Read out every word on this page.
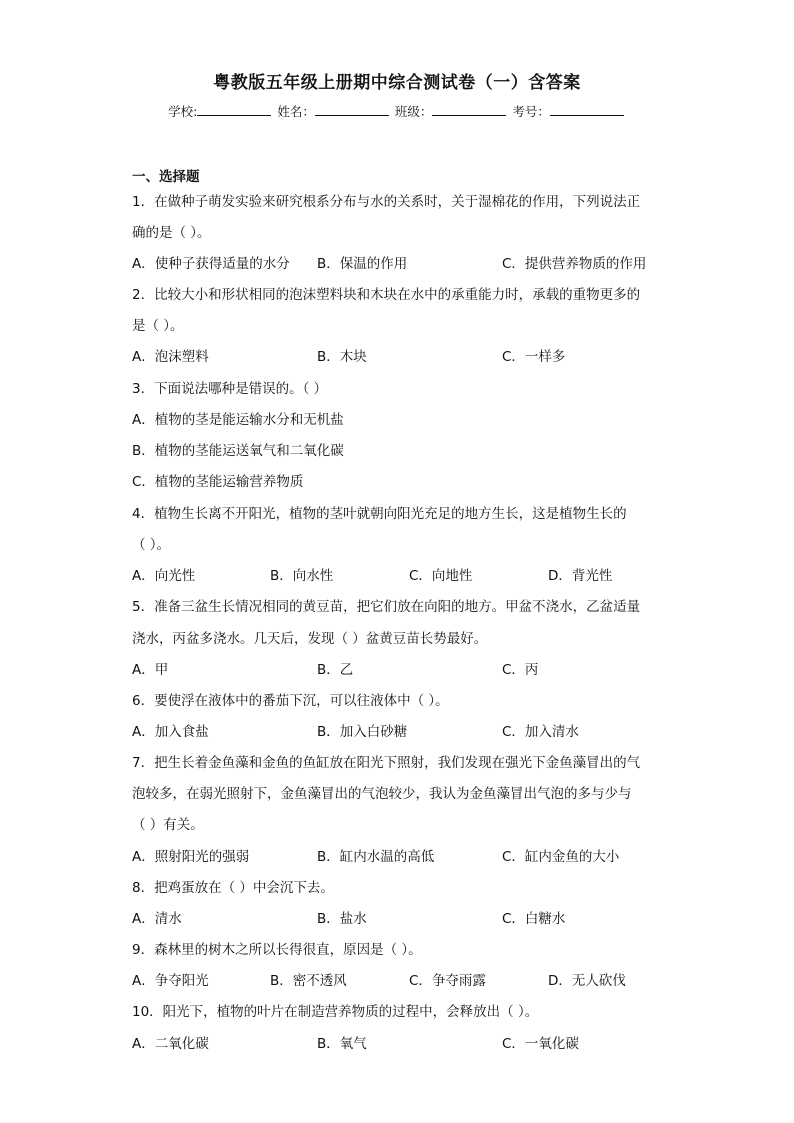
粤教版五年级上册期中综合测试卷（一）含答案
学校:	姓名：	班级：	考号：
一、选择题
1．在做种子萌发实验来研究根系分布与水的关系时，关于湿棉花的作用，下列说法正
确的是（ ）。
A．使种子获得适量的水分 B．保温的作用	C．提供营养物质的作用
2．比较大小和形状相同的泡沫塑料块和木块在水中的承重能力时，承载的重物更多的
是（ ）。
A．泡沫塑料	B．木块	C．一样多
3．下面说法哪种是错误的。（ ）
A．植物的茎是能运输水分和无机盐
B．植物的茎能运送氧气和二氧化碳
C．植物的茎能运输营养物质
4．植物生长离不开阳光，植物的茎叶就朝向阳光充足的地方生长，这是植物生长的
（ ）。
A．向光性	B．向水性	C．向地性	D．背光性
5．准备三盆生长情况相同的黄豆苗，把它们放在向阳的地方。甲盆不浇水，乙盆适量
浇水，丙盆多浇水。几天后，发现（ ）盆黄豆苗长势最好。
A．甲	B．乙	C．丙
6．要使浮在液体中的番茄下沉，可以往液体中（ ）。
A．加入食盐	B．加入白砂糖	C．加入清水
7．把生长着金鱼藻和金鱼的鱼缸放在阳光下照射，我们发现在强光下金鱼藻冒出的气
泡较多，在弱光照射下，金鱼藻冒出的气泡较少，我认为金鱼藻冒出气泡的多与少与
（ ）有关。
A．照射阳光的强弱	B．缸内水温的高低	C．缸内金鱼的大小
8．把鸡蛋放在（ ）中会沉下去。
A．清水	B．盐水	C．白糖水
9．森林里的树木之所以长得很直，原因是（ ）。
A．争夺阳光	B．密不透风	C．争夺雨露	D．无人砍伐
10．阳光下，植物的叶片在制造营养物质的过程中，会释放出（ ）。
A．二氧化碳	B．氧气	C．一氧化碳
